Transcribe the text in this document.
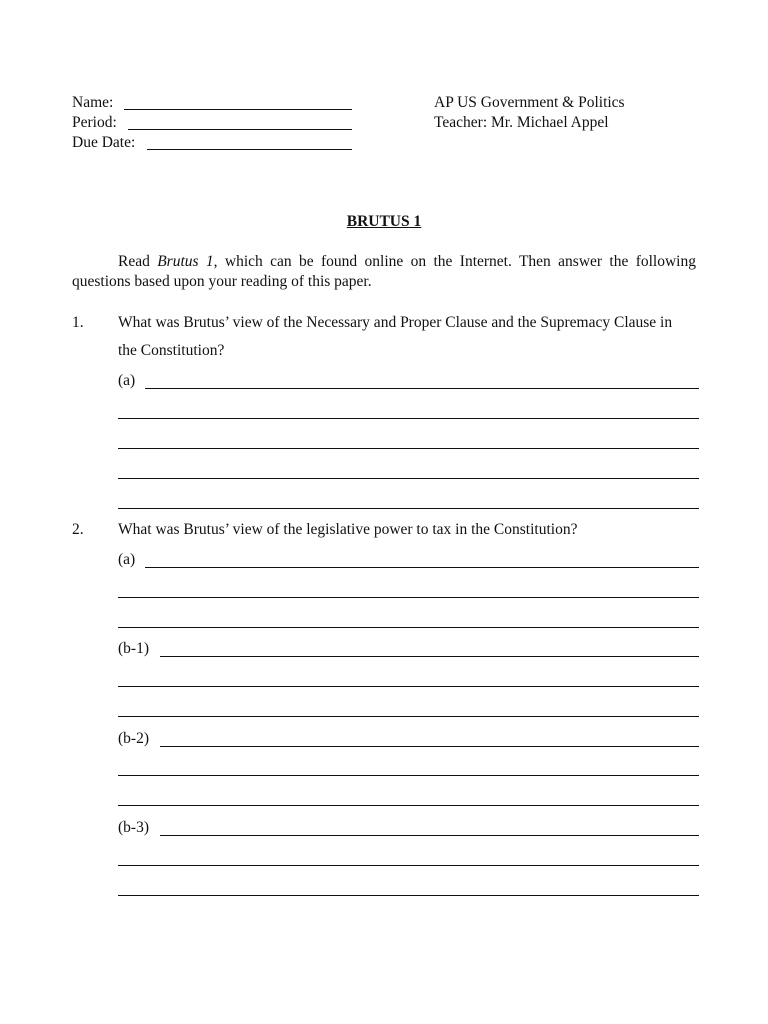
Name:
Period:
Due Date:
AP US Government & Politics
Teacher: Mr. Michael Appel
BRUTUS 1
Read Brutus 1, which can be found online on the Internet. Then answer the following
questions based upon your reading of this paper.
1. What was Brutus’ view of the Necessary and Proper Clause and the Supremacy Clause in
the Constitution?
(a)
2. What was Brutus’ view of the legislative power to tax in the Constitution?
(a)
(b-1)
(b-2)
(b-3)
